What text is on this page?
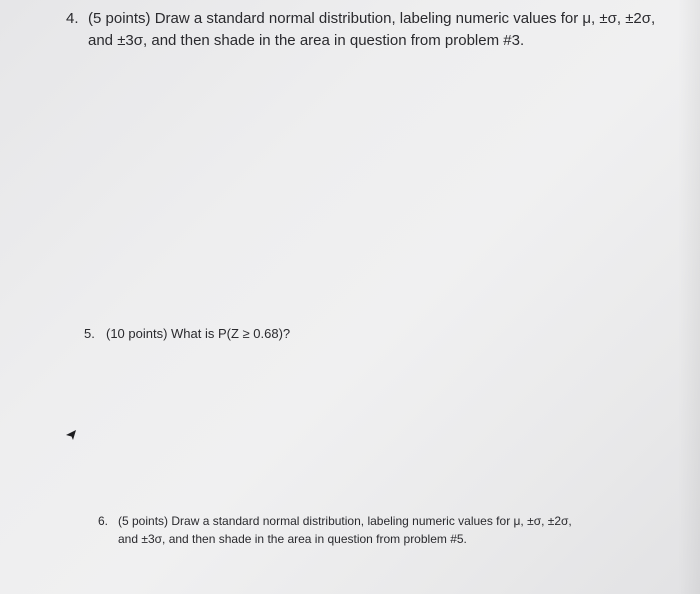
4. (5 points) Draw a standard normal distribution, labeling numeric values for μ, ±σ, ±2σ,
and ±3σ, and then shade in the area in question from problem #3.
5. (10 points) What is P(Z ≥ 0.68)?
6. (5 points) Draw a standard normal distribution, labeling numeric values for μ, ±σ, ±2σ,
and ±3σ, and then shade in the area in question from problem #5.
